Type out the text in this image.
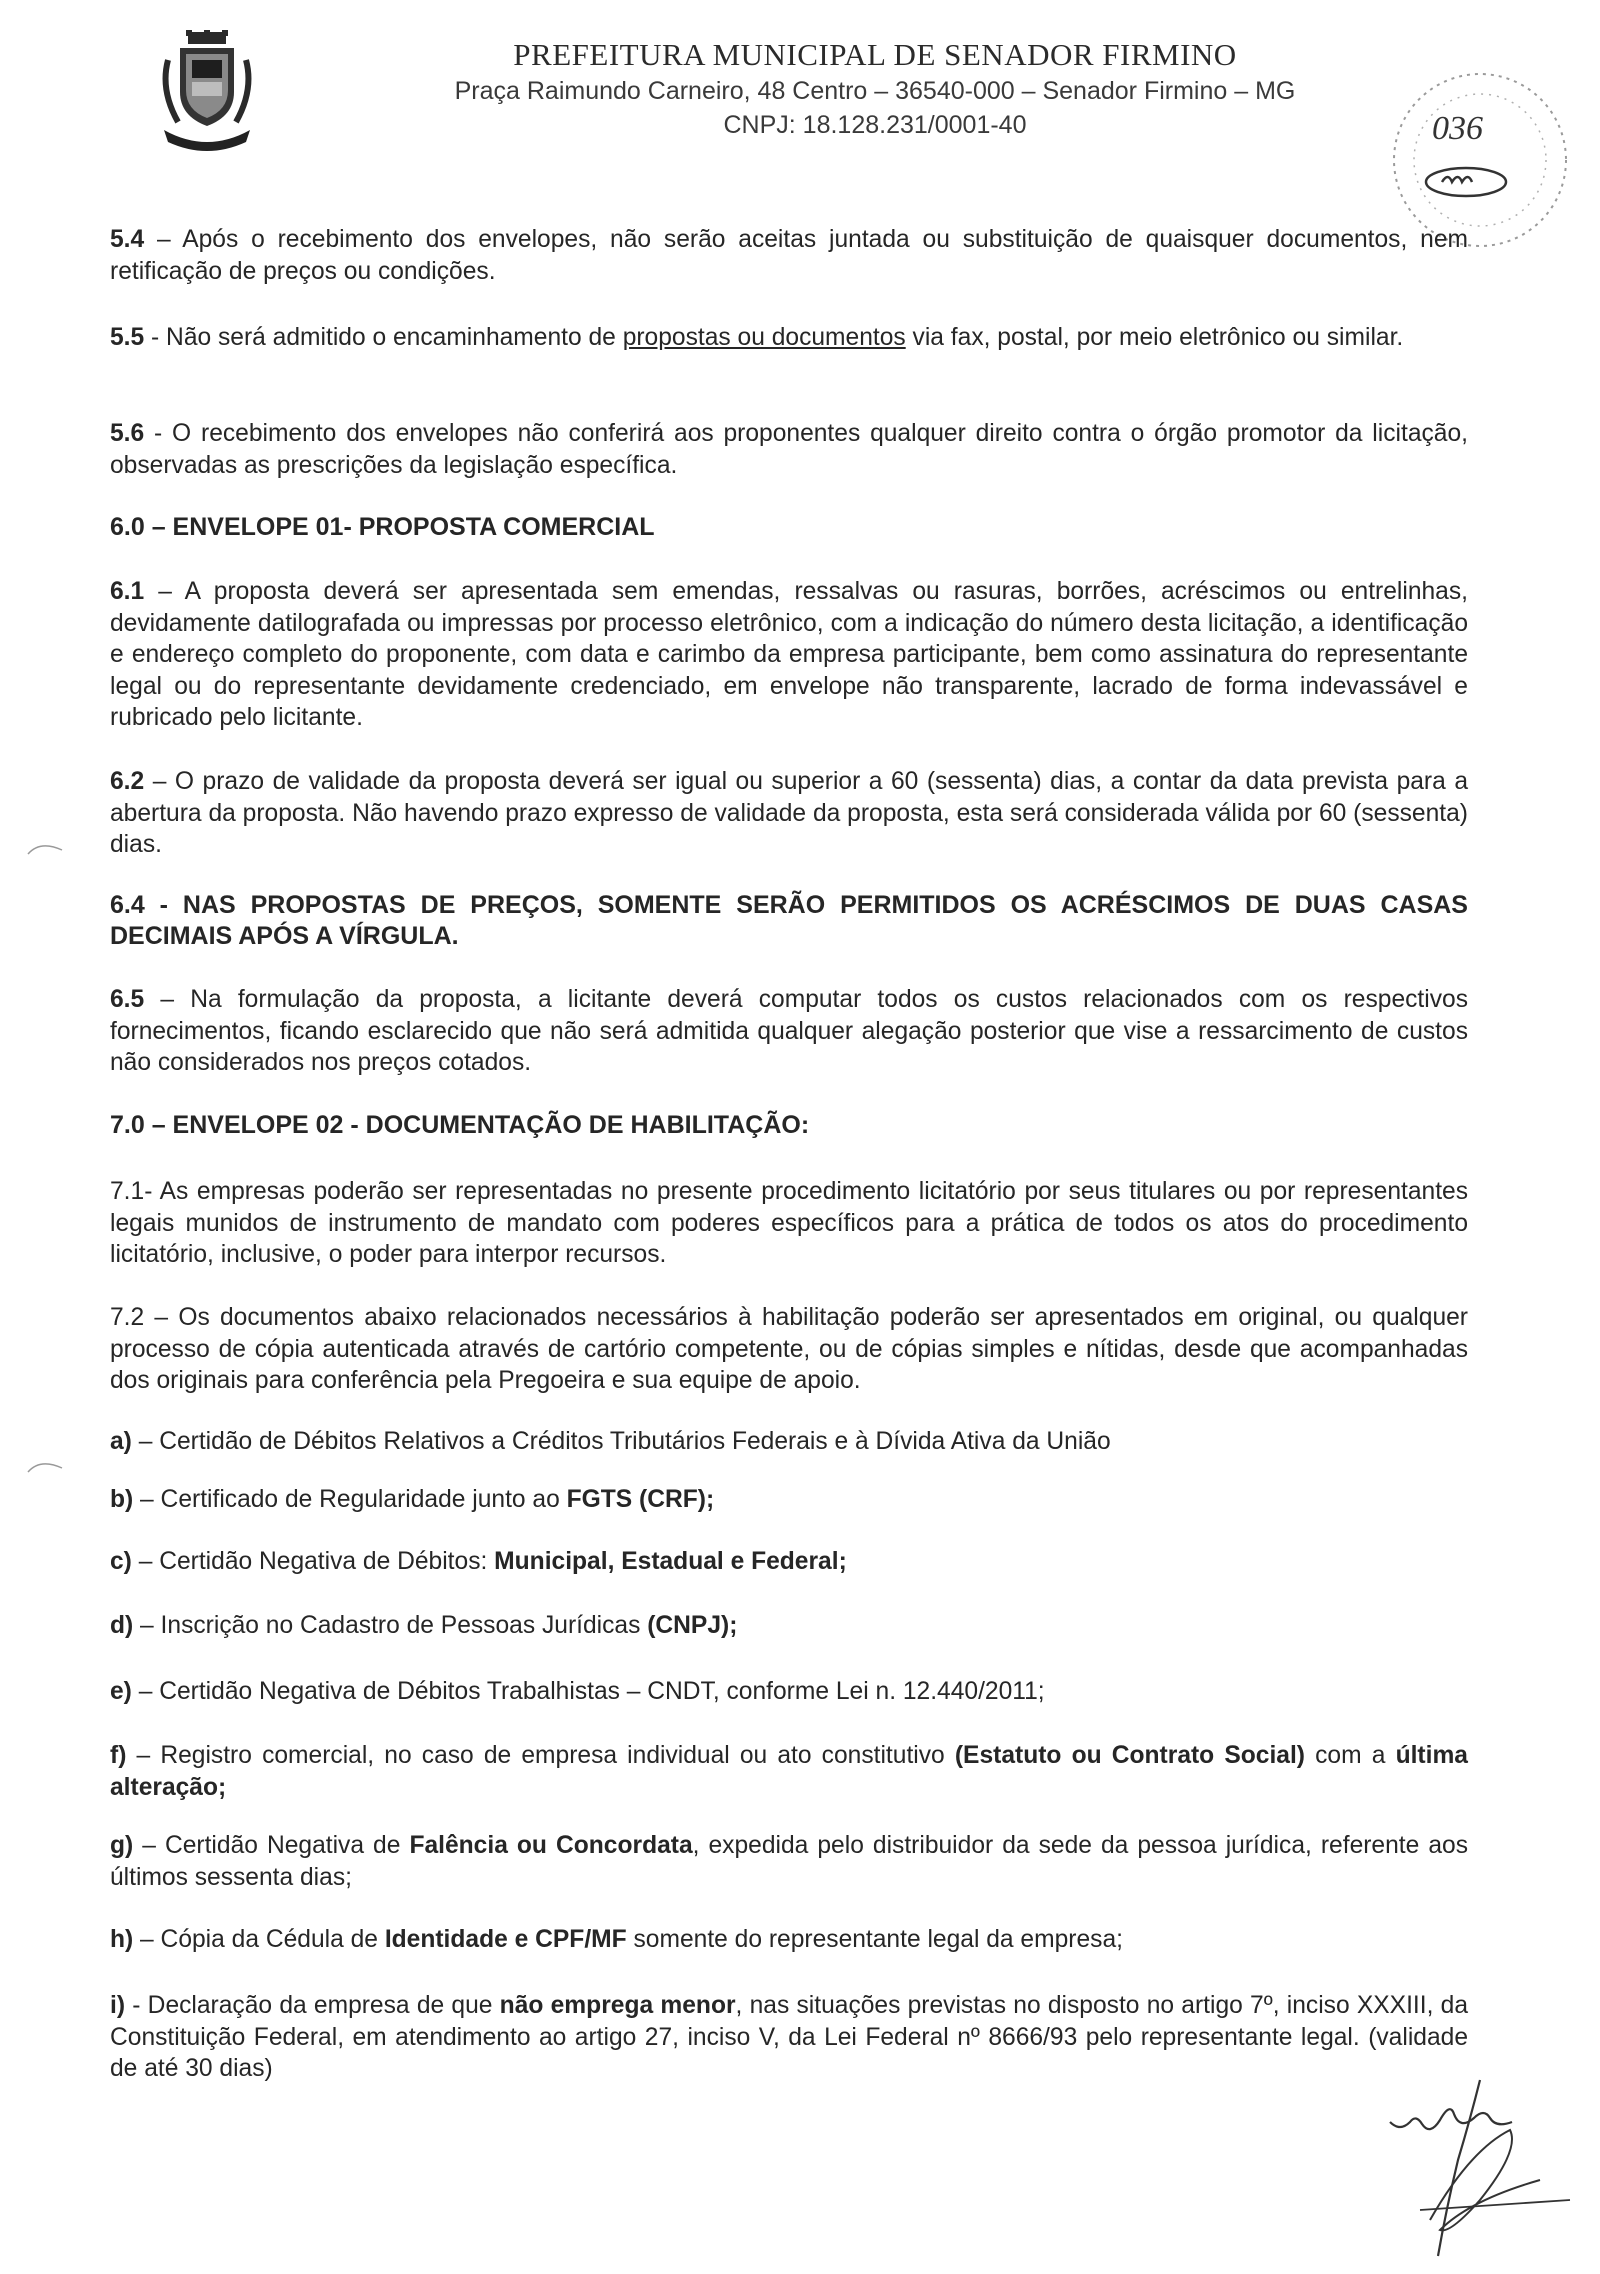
PREFEITURA MUNICIPAL DE SENADOR FIRMINO
Praça Raimundo Carneiro, 48 Centro – 36540-000 – Senador Firmino – MG
CNPJ: 18.128.231/0001-40	036
5.4 – Após o recebimento dos envelopes, não serão aceitas juntada ou substituição de quaisquer documentos, nem retificação de preços ou condições.
5.5 - Não será admitido o encaminhamento de propostas ou documentos via fax, postal, por meio eletrônico ou similar.
5.6 - O recebimento dos envelopes não conferirá aos proponentes qualquer direito contra o órgão promotor da licitação, observadas as prescrições da legislação específica.
6.0 – ENVELOPE 01- PROPOSTA COMERCIAL
6.1 – A proposta deverá ser apresentada sem emendas, ressalvas ou rasuras, borrões, acréscimos ou entrelinhas, devidamente datilografada ou impressas por processo eletrônico, com a indicação do número desta licitação, a identificação e endereço completo do proponente, com data e carimbo da empresa participante, bem como assinatura do representante legal ou do representante devidamente credenciado, em envelope não transparente, lacrado de forma indevassável e rubricado pelo licitante.
6.2 – O prazo de validade da proposta deverá ser igual ou superior a 60 (sessenta) dias, a contar da data prevista para a abertura da proposta. Não havendo prazo expresso de validade da proposta, esta será considerada válida por 60 (sessenta) dias.
6.4 - NAS PROPOSTAS DE PREÇOS, SOMENTE SERÃO PERMITIDOS OS ACRÉSCIMOS DE DUAS CASAS DECIMAIS APÓS A VÍRGULA.
6.5 – Na formulação da proposta, a licitante deverá computar todos os custos relacionados com os respectivos fornecimentos, ficando esclarecido que não será admitida qualquer alegação posterior que vise a ressarcimento de custos não considerados nos preços cotados.
7.0 – ENVELOPE 02 - DOCUMENTAÇÃO DE HABILITAÇÃO:
7.1- As empresas poderão ser representadas no presente procedimento licitatório por seus titulares ou por representantes legais munidos de instrumento de mandato com poderes específicos para a prática de todos os atos do procedimento licitatório, inclusive, o poder para interpor recursos.
7.2 – Os documentos abaixo relacionados necessários à habilitação poderão ser apresentados em original, ou qualquer processo de cópia autenticada através de cartório competente, ou de cópias simples e nítidas, desde que acompanhadas dos originais para conferência pela Pregoeira e sua equipe de apoio.
a) – Certidão de Débitos Relativos a Créditos Tributários Federais e à Dívida Ativa da União
b) – Certificado de Regularidade junto ao FGTS (CRF);
c) – Certidão Negativa de Débitos: Municipal, Estadual e Federal;
d) – Inscrição no Cadastro de Pessoas Jurídicas (CNPJ);
e) – Certidão Negativa de Débitos Trabalhistas – CNDT, conforme Lei n. 12.440/2011;
f) – Registro comercial, no caso de empresa individual ou ato constitutivo (Estatuto ou Contrato Social) com a última alteração;
g) – Certidão Negativa de Falência ou Concordata, expedida pelo distribuidor da sede da pessoa jurídica, referente aos últimos sessenta dias;
h) – Cópia da Cédula de Identidade e CPF/MF somente do representante legal da empresa;
i) - Declaração da empresa de que não emprega menor, nas situações previstas no disposto no artigo 7º, inciso XXXIII, da Constituição Federal, em atendimento ao artigo 27, inciso V, da Lei Federal nº 8666/93 pelo representante legal. (validade de até 30 dias)
